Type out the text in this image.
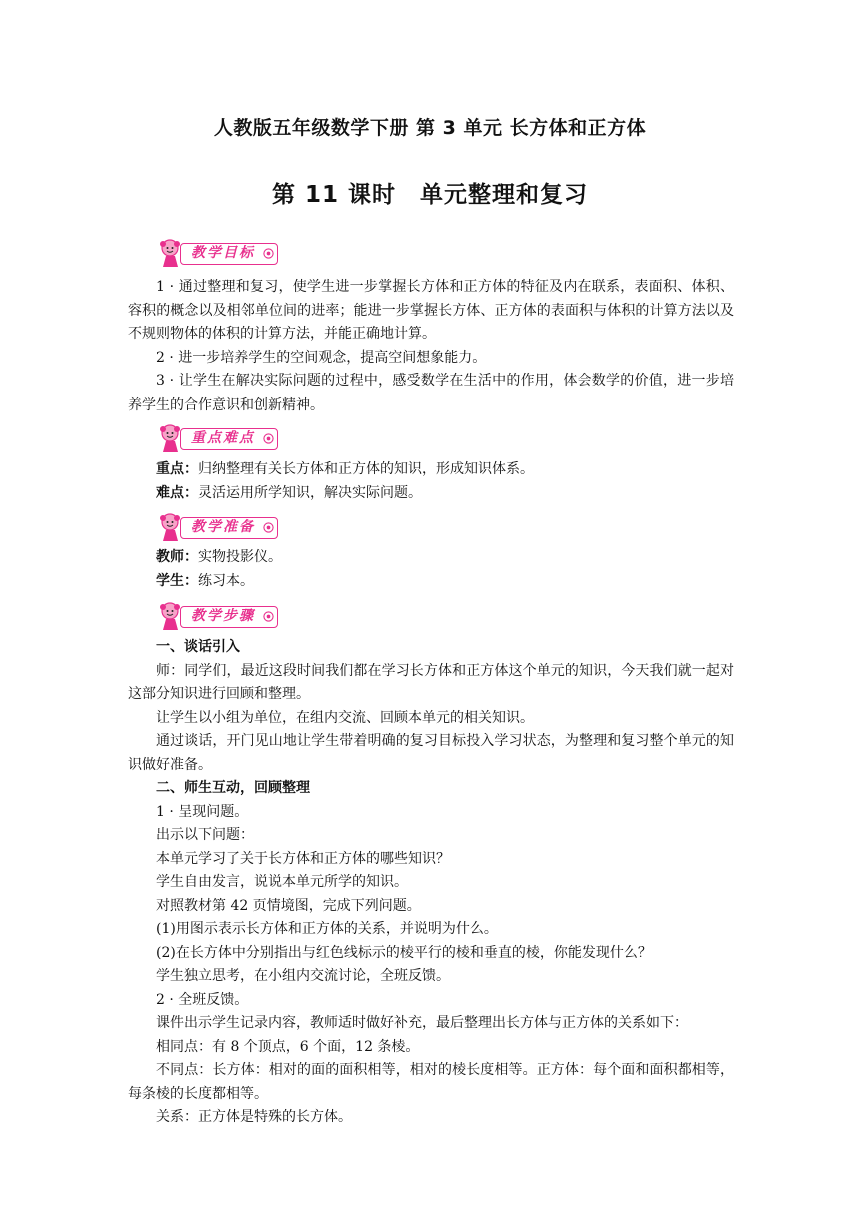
人教版五年级数学下册 第 3 单元 长方体和正方体
第 11 课时　单元整理和复习
教学目标

1 · 通过整理和复习，使学生进一步掌握长方体和正方体的特征及内在联系，表面积、体积、容积的概念以及相邻单位间的进率；能进一步掌握长方体、正方体的表面积与体积的计算方法以及不规则物体的体积的计算方法，并能正确地计算。

2 · 进一步培养学生的空间观念，提高空间想象能力。

3 · 让学生在解决实际问题的过程中，感受数学在生活中的作用，体会数学的价值，进一步培养学生的合作意识和创新精神。

重点难点

重点：归纳整理有关长方体和正方体的知识，形成知识体系。

难点：灵活运用所学知识，解决实际问题。

教学准备

教师：实物投影仪。

学生：练习本。

教学步骤

一、谈话引入

师：同学们，最近这段时间我们都在学习长方体和正方体这个单元的知识，今天我们就一起对这部分知识进行回顾和整理。

让学生以小组为单位，在组内交流、回顾本单元的相关知识。

通过谈话，开门见山地让学生带着明确的复习目标投入学习状态，为整理和复习整个单元的知识做好准备。

二、师生互动，回顾整理

1 · 呈现问题。

出示以下问题：

本单元学习了关于长方体和正方体的哪些知识？

学生自由发言，说说本单元所学的知识。

对照教材第 42 页情境图，完成下列问题。

(1)用图示表示长方体和正方体的关系，并说明为什么。

(2)在长方体中分别指出与红色线标示的棱平行的棱和垂直的棱，你能发现什么？

学生独立思考，在小组内交流讨论，全班反馈。

2 · 全班反馈。

课件出示学生记录内容，教师适时做好补充，最后整理出长方体与正方体的关系如下：

相同点：有 8 个顶点，6 个面，12 条棱。

不同点：长方体：相对的面的面积相等，相对的棱长度相等。正方体：每个面和面积都相等，每条棱的长度都相等。

关系：正方体是特殊的长方体。
